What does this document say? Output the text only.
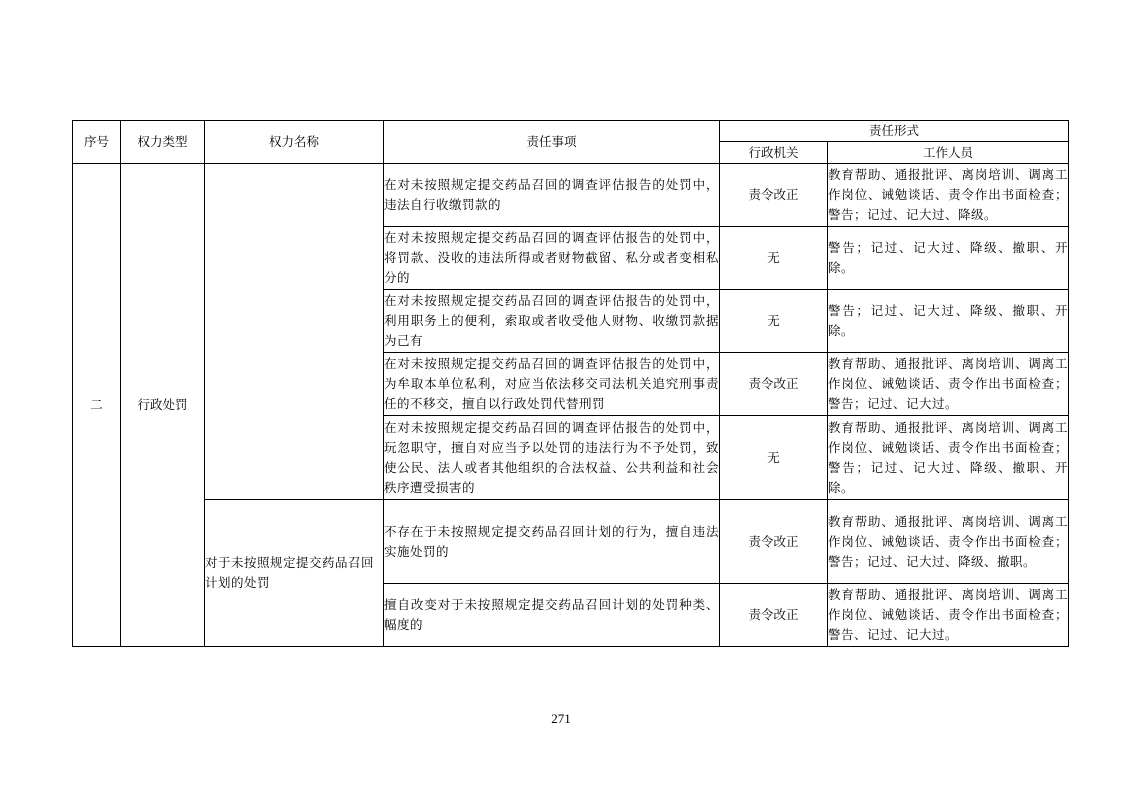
序号	权力类型	权力名称	责任事项	责任形式	
				行政机关	工作人员
二	行政处罚		在对未按照规定提交药品召回的调查评估报告的处罚中，违法自行收缴罚款的	责令改正	教育帮助、通报批评、离岗培训、调离工作岗位、诫勉谈话、责令作出书面检查；警告；记过、记大过、降级。
			在对未按照规定提交药品召回的调查评估报告的处罚中，将罚款、没收的违法所得或者财物截留、私分或者变相私分的	无	警告；记过、记大过、降级、撤职、开除。
			在对未按照规定提交药品召回的调查评估报告的处罚中，利用职务上的便利，索取或者收受他人财物、收缴罚款据为己有	无	警告；记过、记大过、降级、撤职、开除。
			在对未按照规定提交药品召回的调查评估报告的处罚中，为牟取本单位私利，对应当依法移交司法机关追究刑事责任的不移交，擅自以行政处罚代替刑罚	责令改正	教育帮助、通报批评、离岗培训、调离工作岗位、诫勉谈话、责令作出书面检查；警告；记过、记大过。
			在对未按照规定提交药品召回的调查评估报告的处罚中，玩忽职守，擅自对应当予以处罚的违法行为不予处罚，致使公民、法人或者其他组织的合法权益、公共利益和社会秩序遭受损害的	无	教育帮助、通报批评、离岗培训、调离工作岗位、诫勉谈话、责令作出书面检查；警告；记过、记大过、降级、撤职、开除。
		对于未按照规定提交药品召回计划的处罚	不存在于未按照规定提交药品召回计划的行为，擅自违法实施处罚的	责令改正	教育帮助、通报批评、离岗培训、调离工作岗位、诫勉谈话、责令作出书面检查；警告；记过、记大过、降级、撤职。
			擅自改变对于未按照规定提交药品召回计划的处罚种类、幅度的	责令改正	教育帮助、通报批评、离岗培训、调离工作岗位、诫勉谈话、责令作出书面检查；警告、记过、记大过。
271
